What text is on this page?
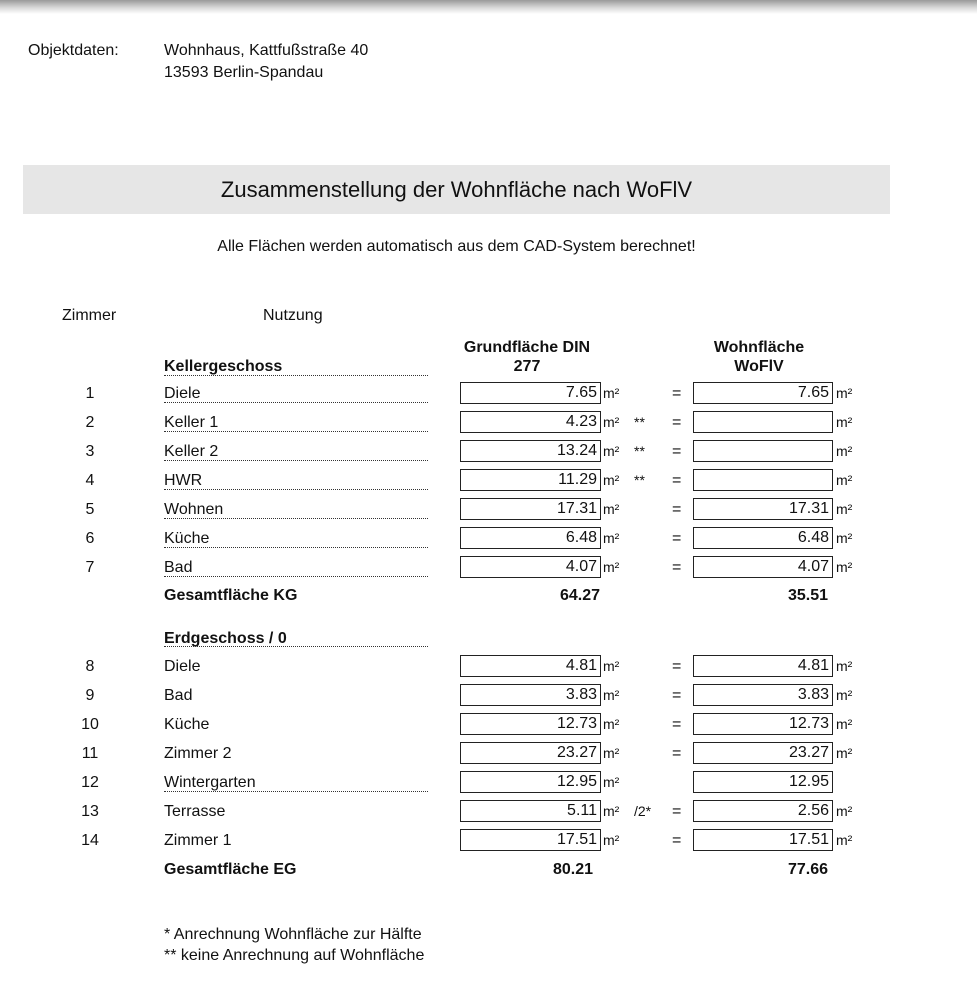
Objektdaten:	Wohnhaus, Kattfußstraße 40
13593 Berlin-Spandau
Zusammenstellung der Wohnfläche nach WoFlV
Alle Flächen werden automatisch aus dem CAD-System berechnet!
Zimmer	Nutzung
Grundfläche DIN
277
Wohnfläche
WoFlV
Kellergeschoss
1	Diele	7.65 m²	=	7.65 m²
2	Keller 1	4.23 m² ** =	m²
3	Keller 2	13.24 m² ** =	m²
4	HWR	11.29 m² ** =	m²
5	Wohnen	17.31 m²	=	17.31 m²
6	Küche	6.48 m²	=	6.48 m²
7	Bad	4.07 m²	=	4.07 m²
Gesamtfläche KG	64.27	35.51
Erdgeschoss / 0
8	Diele	4.81 m²	=	4.81 m²
9	Bad	3.83 m²	=	3.83 m²
10	Küche	12.73 m²	=	12.73 m²
11	Zimmer 2	23.27 m²	=	23.27 m²
12	Wintergarten	12.95 m²	12.95
13	Terrasse	5.11 m² /2* =	2.56 m²
14	Zimmer 1	17.51 m²	=	17.51 m²
Gesamtfläche EG	80.21	77.66
* Anrechnung Wohnfläche zur Hälfte
** keine Anrechnung auf Wohnfläche
